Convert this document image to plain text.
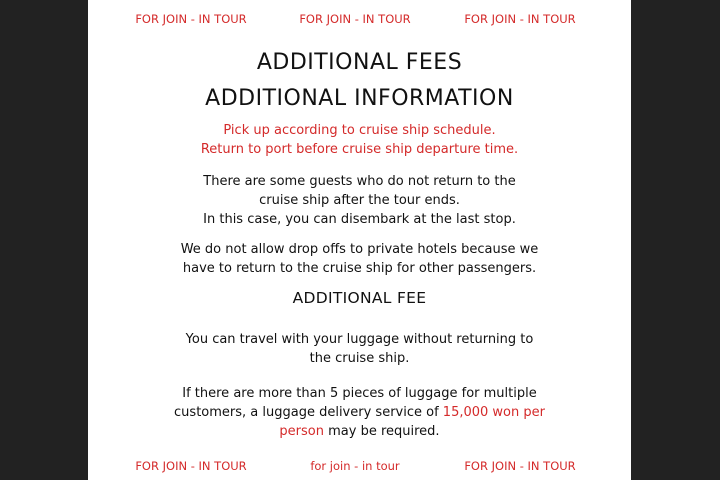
FOR JOIN - IN TOUR	FOR JOIN - IN TOUR	FOR JOIN - IN TOUR
ADDITIONAL FEES
ADDITIONAL INFORMATION
Pick up according to cruise ship schedule.
Return to port before cruise ship departure time.
There are some guests who do not return to the
cruise ship after the tour ends.
In this case, you can disembark at the last stop.
We do not allow drop offs to private hotels because we
have to return to the cruise ship for other passengers.
ADDITIONAL FEE
You can travel with your luggage without returning to
the cruise ship.
If there are more than 5 pieces of luggage for multiple
customers, a luggage delivery service of 15,000 won per
person may be required.
FOR JOIN - IN TOUR	for join - in tour	FOR JOIN - IN TOUR
